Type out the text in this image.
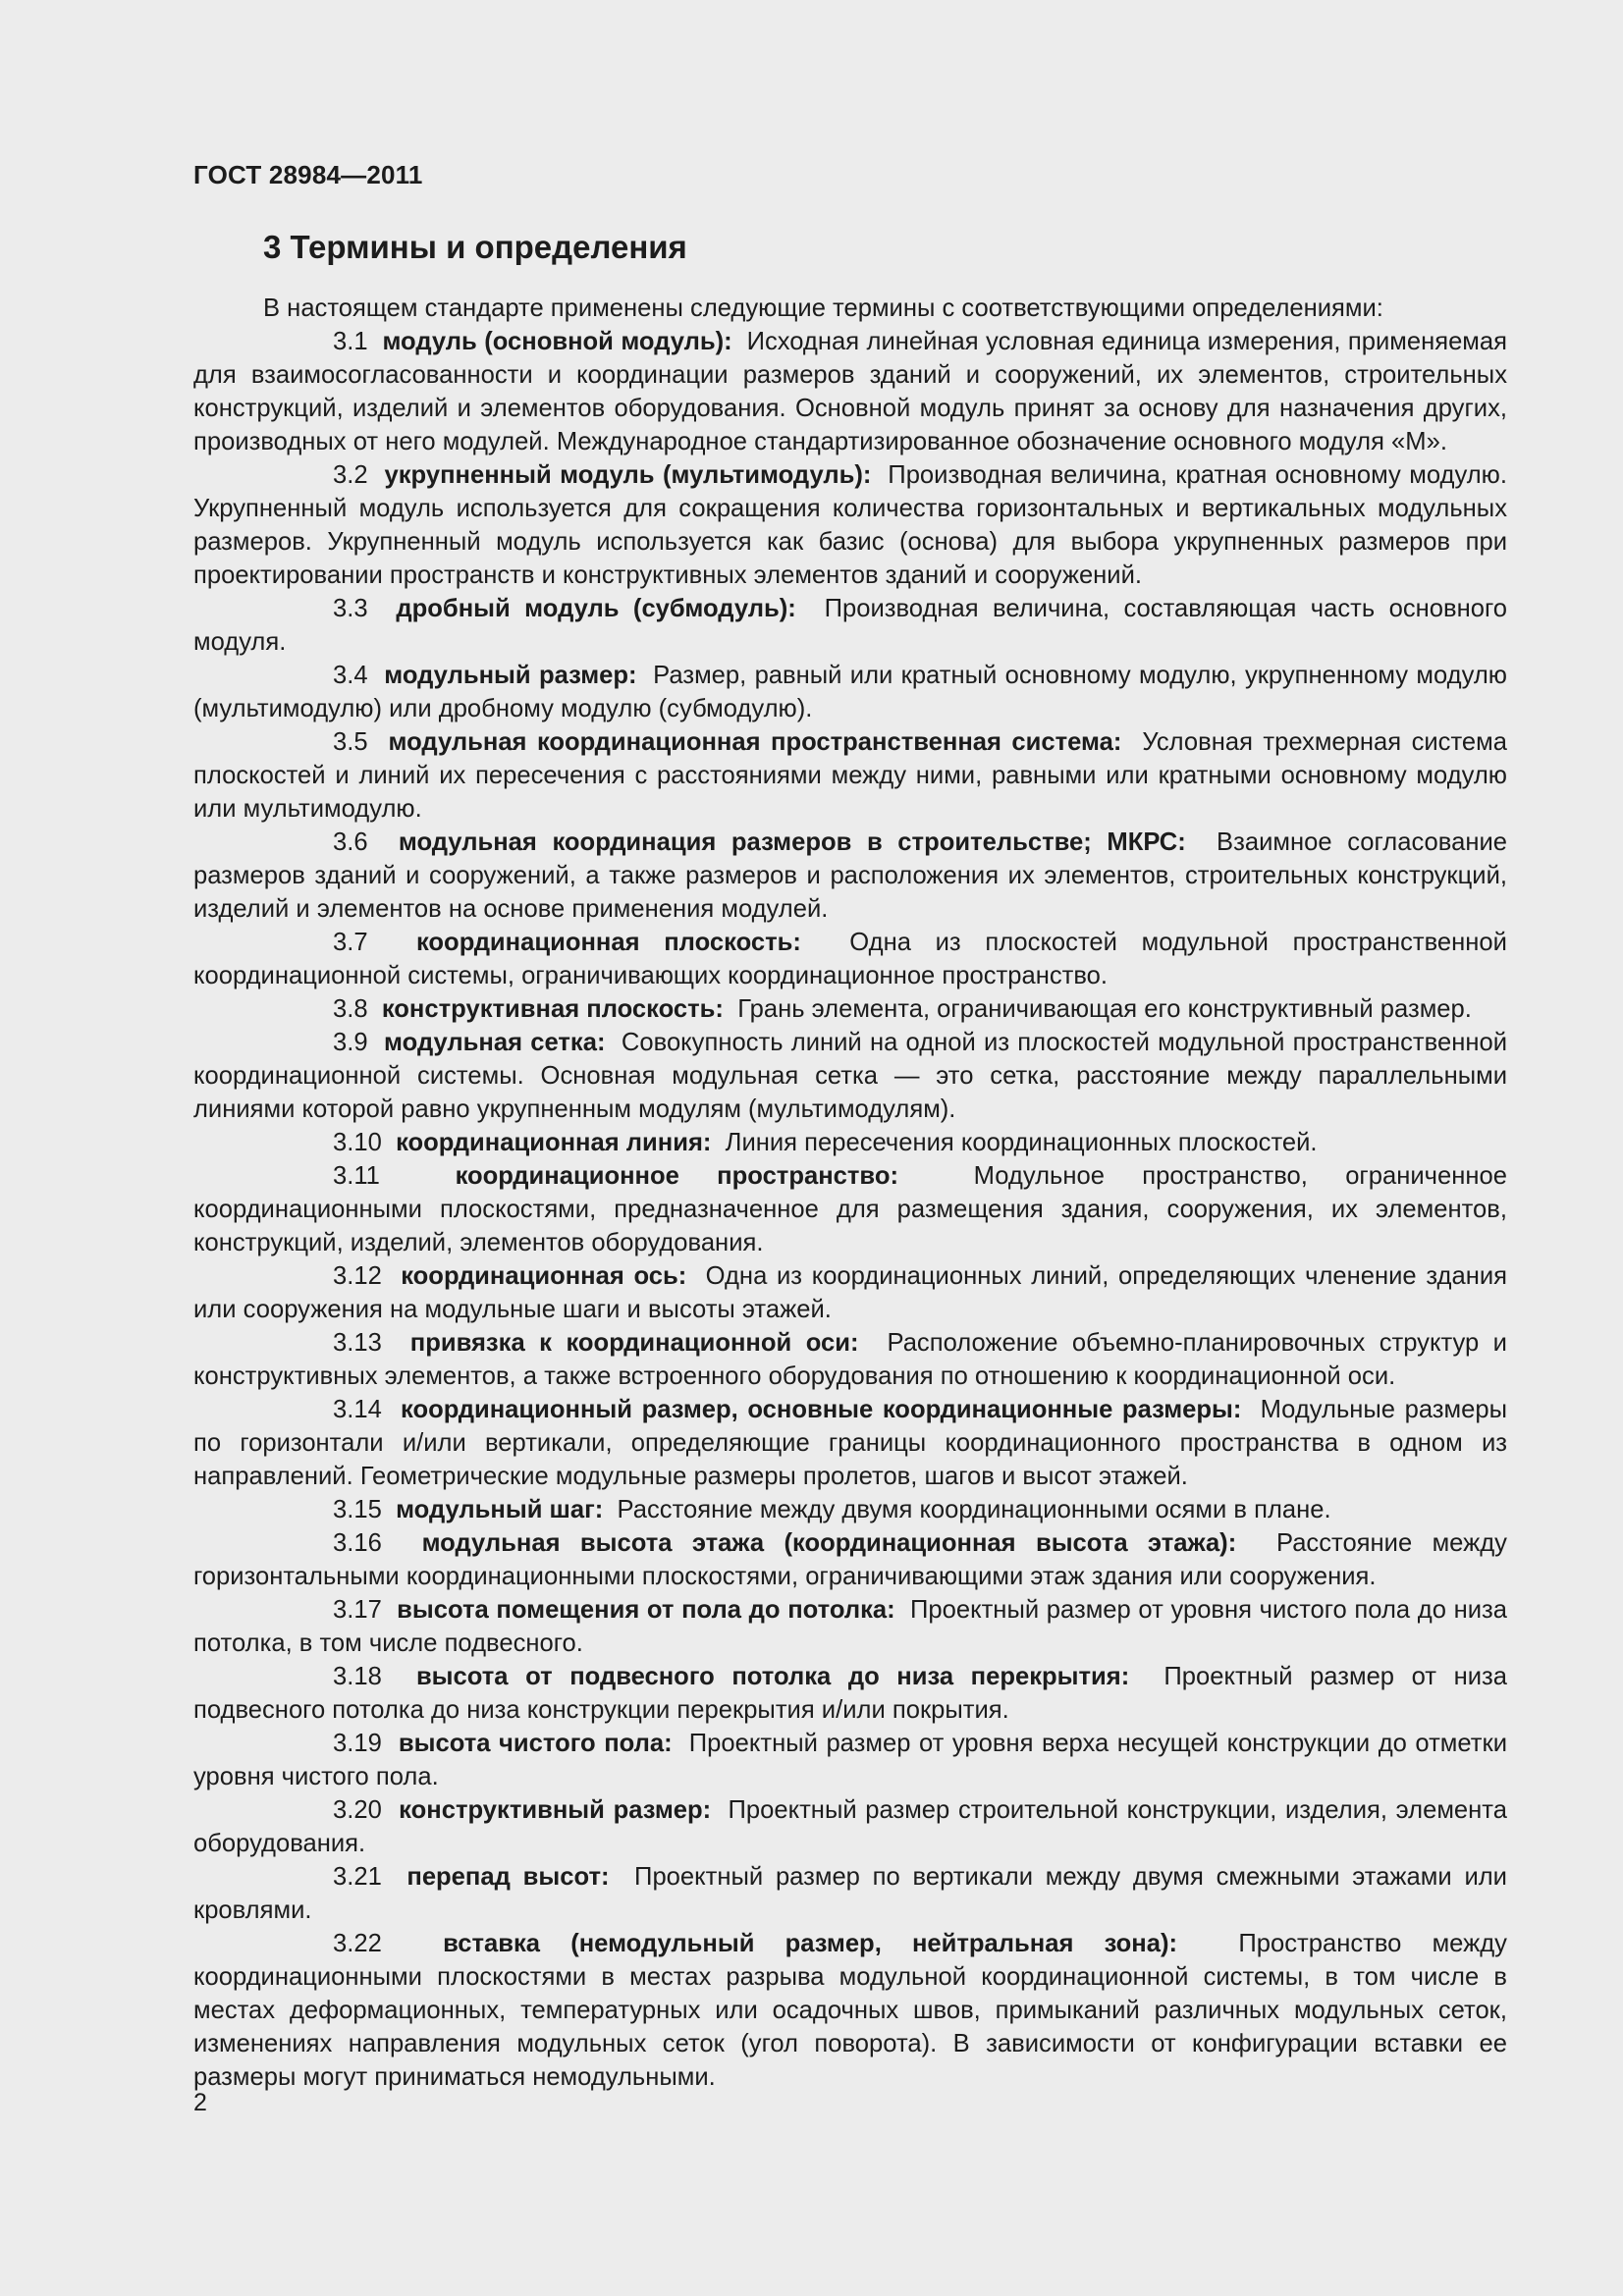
ГОСТ 28984—2011
3 Термины и определения

В настоящем стандарте применены следующие термины с соответствующими определениями:

3.1 модуль (основной модуль): Исходная линейная условная единица измерения, применяемая для взаимосогласованности и координации размеров зданий и сооружений, их элементов, строительных конструкций, изделий и элементов оборудования. Основной модуль принят за основу для назначения других, производных от него модулей. Международное стандартизированное обозначение основного модуля «М».

3.2 укрупненный модуль (мультимодуль): Производная величина, кратная основному модулю. Укрупненный модуль используется для сокращения количества горизонтальных и вертикальных модульных размеров. Укрупненный модуль используется как базис (основа) для выбора укрупненных размеров при проектировании пространств и конструктивных элементов зданий и сооружений.

3.3 дробный модуль (субмодуль): Производная величина, составляющая часть основного модуля.

3.4 модульный размер: Размер, равный или кратный основному модулю, укрупненному модулю (мультимодулю) или дробному модулю (субмодулю).

3.5 модульная координационная пространственная система: Условная трехмерная система плоскостей и линий их пересечения с расстояниями между ними, равными или кратными основному модулю или мультимодулю.

3.6 модульная координация размеров в строительстве; МКРС: Взаимное согласование размеров зданий и сооружений, а также размеров и расположения их элементов, строительных конструкций, изделий и элементов на основе применения модулей.

3.7 координационная плоскость: Одна из плоскостей модульной пространственной координационной системы, ограничивающих координационное пространство.

3.8 конструктивная плоскость: Грань элемента, ограничивающая его конструктивный размер.

3.9 модульная сетка: Совокупность линий на одной из плоскостей модульной пространственной координационной системы. Основная модульная сетка — это сетка, расстояние между параллельными линиями которой равно укрупненным модулям (мультимодулям).

3.10 координационная линия: Линия пересечения координационных плоскостей.

3.11	координационное пространство:	Модульное пространство, ограниченное координационными плоскостями, предназначенное для размещения здания, сооружения, их элементов, конструкций, изделий, элементов оборудования.

3.12 координационная ось: Одна из координационных линий, определяющих членение здания или сооружения на модульные шаги и высоты этажей.

3.13 привязка к координационной оси: Расположение объемно-планировочных структур и конструктивных элементов, а также встроенного оборудования по отношению к координационной оси.

3.14 координационный размер, основные координационные размеры: Модульные размеры по горизонтали и/или вертикали, определяющие границы координационного пространства в одном из направлений. Геометрические модульные размеры пролетов, шагов и высот этажей.

3.15 модульный шаг: Расстояние между двумя координационными осями в плане.

3.16 модульная высота этажа (координационная высота этажа): Расстояние между горизонтальными координационными плоскостями, ограничивающими этаж здания или сооружения.

3.17 высота помещения от пола до потолка: Проектный размер от уровня чистого пола до низа потолка, в том числе подвесного.

3.18 высота от подвесного потолка до низа перекрытия: Проектный размер от низа подвесного потолка до низа конструкции перекрытия и/или покрытия.

3.19 высота чистого пола: Проектный размер от уровня верха несущей конструкции до отметки уровня чистого пола.

3.20 конструктивный размер: Проектный размер строительной конструкции, изделия, элемента оборудования.

3.21 перепад высот: Проектный размер по вертикали между двумя смежными этажами или кровлями.

3.22 вставка (немодульный размер, нейтральная зона): Пространство между координационными плоскостями в местах разрыва модульной координационной системы, в том числе в местах деформационных, температурных или осадочных швов, примыканий различных модульных сеток, изменениях направления модульных сеток (угол поворота). В зависимости от конфигурации вставки ее размеры могут приниматься немодульными.

2
